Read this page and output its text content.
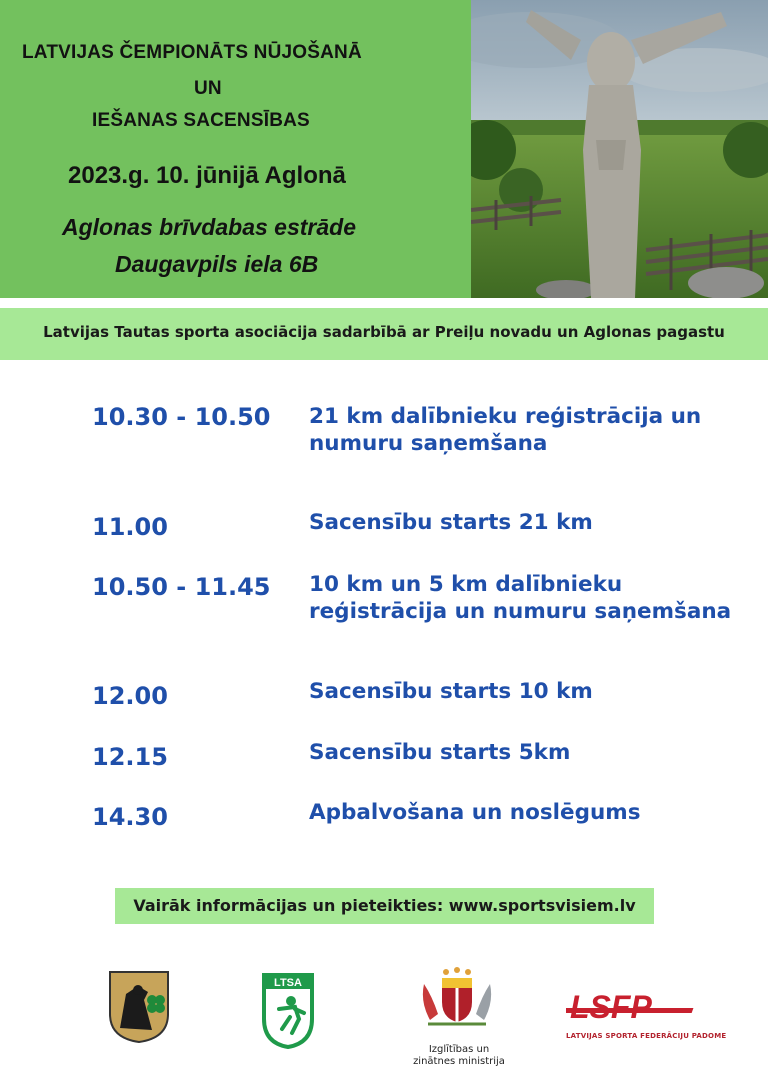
LATVIJAS ČEMPIONĀTS NŪJOŠANĀ

UN

IEŠANAS SACENSĪBAS

2023.g. 10. jūnijā Aglonā

Aglonas brīvdabas estrāde

Daugavpils iela 6B

Latvijas Tautas sporta asociācija sadarbībā ar Preiļu novadu un Aglonas pagastu

10.30 - 10.50 21 km dalībnieku reģistrācija un numuru saņemšana

11.00	Sacensību starts 21 km

10.50 - 11.45 10 km un 5 km dalībnieku reģistrācija un numuru saņemšana

12.00	Sacensību starts 10 km

12.15	Sacensību starts 5km

14.30	Apbalvošana un noslēgums

Vairāk informācijas un pieteikties: www.sportsvisiem.lv
LTSA

Izglītības un zinātnes ministrija

LSFP

LATVIJAS SPORTA FEDERĀCIJU PADOME
